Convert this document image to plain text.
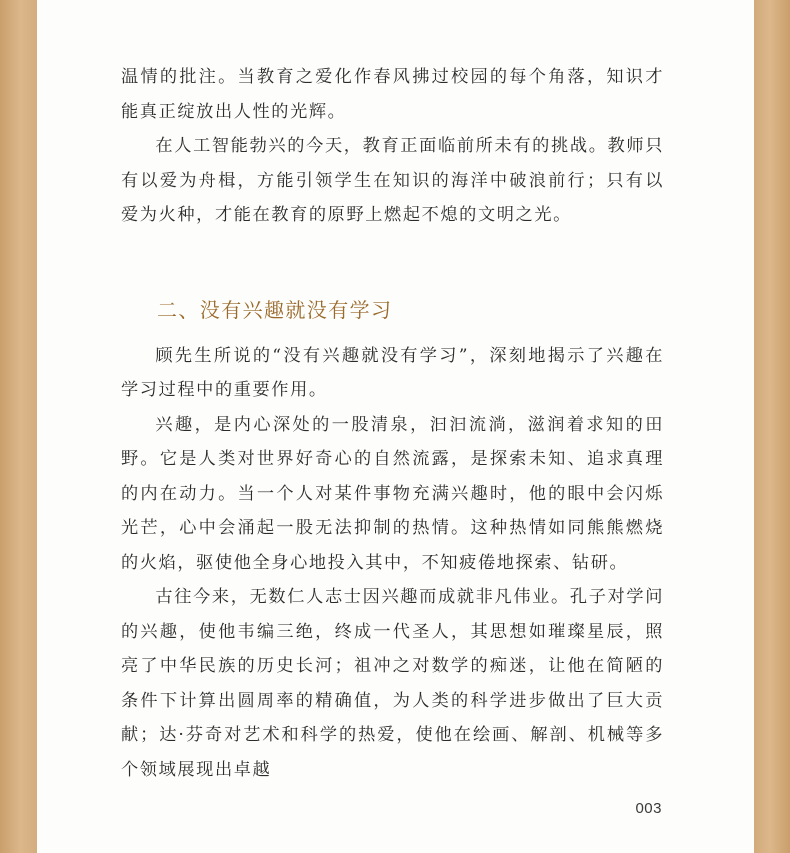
温情的批注。当教育之爱化作春风拂过校园的每个角落，知识才能真正绽放出人性的光辉。

在人工智能勃兴的今天，教育正面临前所未有的挑战。教师只有以爱为舟楫，方能引领学生在知识的海洋中破浪前行；只有以爱为火种，才能在教育的原野上燃起不熄的文明之光。

二、没有兴趣就没有学习

顾先生所说的“没有兴趣就没有学习”，深刻地揭示了兴趣在学习过程中的重要作用。

兴趣，是内心深处的一股清泉，汩汩流淌，滋润着求知的田野。它是人类对世界好奇心的自然流露，是探索未知、追求真理的内在动力。当一个人对某件事物充满兴趣时，他的眼中会闪烁光芒，心中会涌起一股无法抑制的热情。这种热情如同熊熊燃烧的火焰，驱使他全身心地投入其中，不知疲倦地探索、钻研。

古往今来，无数仁人志士因兴趣而成就非凡伟业。孔子对学问的兴趣，使他韦编三绝，终成一代圣人，其思想如璀璨星辰，照亮了中华民族的历史长河；祖冲之对数学的痴迷，让他在简陋的条件下计算出圆周率的精确值，为人类的科学进步做出了巨大贡献；达·芬奇对艺术和科学的热爱，使他在绘画、解剖、机械等多个领域展现出卓越

003
